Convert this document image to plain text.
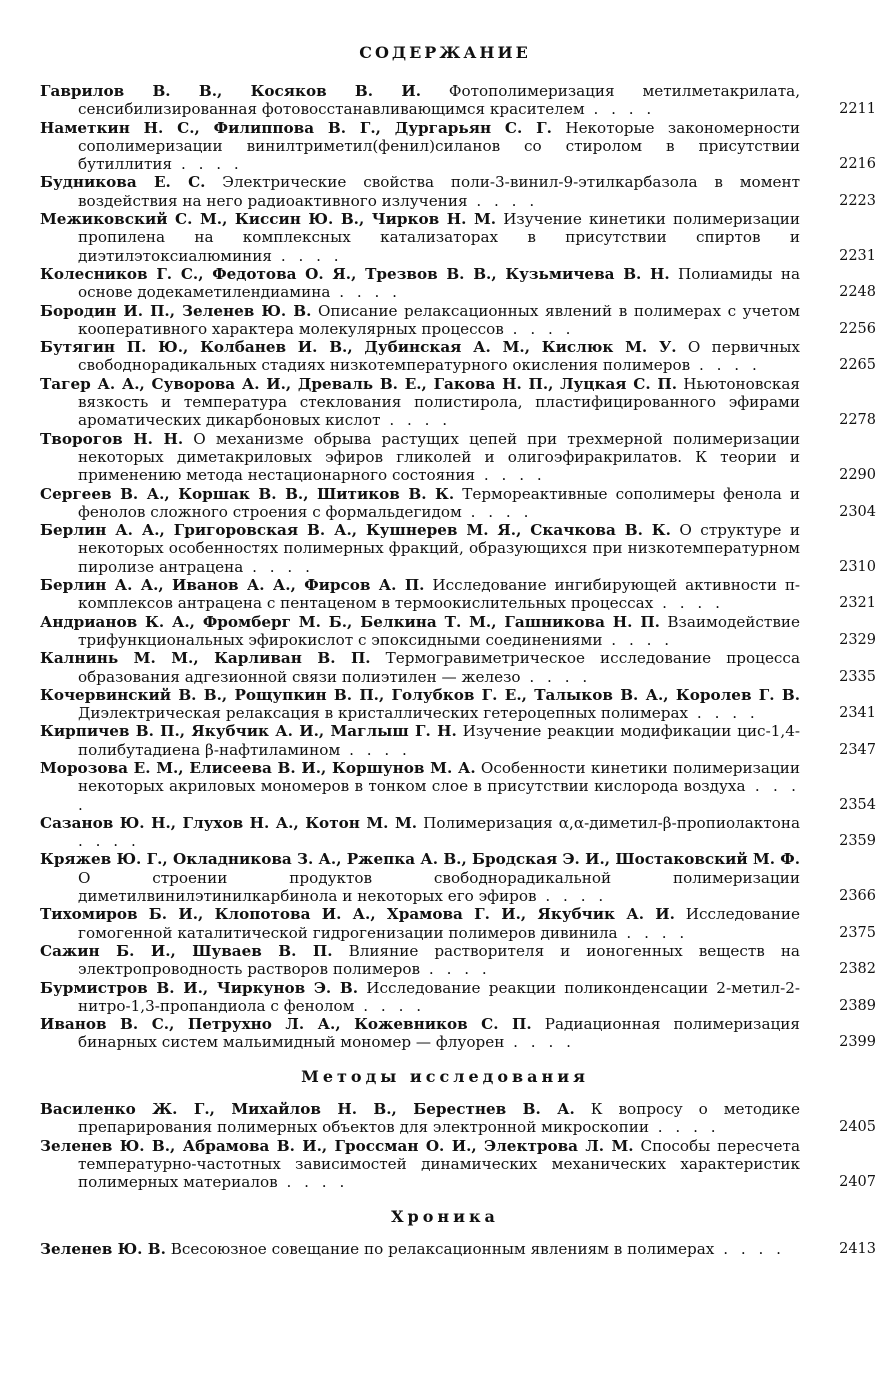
СОДЕРЖАНИЕ
Гаврилов В. В., Косяков В. И. Фотополимеризация метилметакрилата, сенсибилизированная фотовосстанавливающимся красителем . . . .	2211
Наметкин Н. С., Филиппова В. Г., Дургарьян С. Г. Некоторые закономерности сополимеризации винилтриметил(фенил)силанов со стиролом в присутствии бутиллития . . . .	2216
Будникова Е. С. Электрические свойства поли-3-винил-9-этилкарбазола в момент воздействия на него радиоактивного излучения . . . .	2223
Межиковский С. М., Киссин Ю. В., Чирков Н. М. Изучение кинетики полимеризации пропилена на комплексных катализаторах в присутствии спиртов и диэтилэтоксиалюминия . . . .	2231
Колесников Г. С., Федотова О. Я., Трезвов В. В., Кузьмичева В. Н. Полиамиды на основе додекаметилендиамина . . . .	2248
Бородин И. П., Зеленев Ю. В. Описание релаксационных явлений в полимерах с учетом кооперативного характера молекулярных процессов . . . .	2256
Бутягин П. Ю., Колбанев И. В., Дубинская А. М., Кислюк М. У. О первичных свободнорадикальных стадиях низкотемпературного окисления полимеров . . . .	2265
Тагер А. А., Суворова А. И., Древаль В. Е., Гакова Н. П., Луцкая С. П. Ньютоновская вязкость и температура стеклования полистирола, пластифицированного эфирами ароматических дикарбоновых кислот . . . .	2278
Творогов Н. Н. О механизме обрыва растущих цепей при трехмерной полимеризации некоторых диметакриловых эфиров гликолей и олигоэфиракрилатов. К теории и применению метода нестационарного состояния . . . .	2290
Сергеев В. А., Коршак В. В., Шитиков В. К. Термореактивные сополимеры фенола и фенолов сложного строения с формальдегидом . . . .	2304
Берлин А. А., Григоровская В. А., Кушнерев М. Я., Скачкова В. К. О структуре и некоторых особенностях полимерных фракций, образующихся при низкотемпературном пиролизе антрацена . . . .	2310
Берлин А. А., Иванов А. А., Фирсов А. П. Исследование ингибирующей активности π-комплексов антрацена с пентаценом в термоокислительных процессах . . . .	2321
Андрианов К. А., Фромберг М. Б., Белкина Т. М., Гашникова Н. П. Взаимодействие трифункциональных эфирокислот с эпоксидными соединениями . . . .	2329
Калнинь М. М., Карливан В. П. Термогравиметрическое исследование процесса образования адгезионной связи полиэтилен — железо . . . .	2335
Кочервинский В. В., Рощупкин В. П., Голубков Г. Е., Талыков В. А., Королев Г. В. Диэлектрическая релаксация в кристаллических гетероцепных полимерах . . . .	2341
Кирпичев В. П., Якубчик А. И., Маглыш Г. Н. Изучение реакции модификации цис-1,4-полибутадиена β-нафтиламином . . . .	2347
Морозова Е. М., Елисеева В. И., Коршунов М. А. Особенности кинетики полимеризации некоторых акриловых мономеров в тонком слое в присутствии кислорода воздуха . . . .	2354
Сазанов Ю. Н., Глухов Н. А., Котон М. М. Полимеризация α,α-диметил-β-пропиолактона . . . .	2359
Кряжев Ю. Г., Окладникова З. А., Ржепка А. В., Бродская Э. И., Шостаковский М. Ф. О строении продуктов свободнорадикальной полимеризации диметилвинилэтинилкарбинола и некоторых его эфиров . . . .	2366
Тихомиров Б. И., Клопотова И. А., Храмова Г. И., Якубчик А. И. Исследование гомогенной каталитической гидрогенизации полимеров дивинила . . . .	2375
Сажин Б. И., Шуваев В. П. Влияние растворителя и ионогенных веществ на электропроводность растворов полимеров . . . .	2382
Бурмистров В. И., Чиркунов Э. В. Исследование реакции поликонденсации 2-метил-2-нитро-1,3-пропандиола с фенолом . . . .	2389
Иванов В. С., Петрухно Л. А., Кожевников С. П. Радиационная полимеризация бинарных систем мальимидный мономер — флуорен . . . .	2399
Методы исследования
Василенко Ж. Г., Михайлов Н. В., Берестнев В. А. К вопросу о методике препарирования полимерных объектов для электронной микроскопии . . . .	2405
Зеленев Ю. В., Абрамова В. И., Гроссман О. И., Электрова Л. М. Способы пересчета температурно-частотных зависимостей динамических механических характеристик полимерных материалов . . . .	2407
Хроника
Зеленев Ю. В. Всесоюзное совещание по релаксационным явлениям в полимерах . . . .	2413
